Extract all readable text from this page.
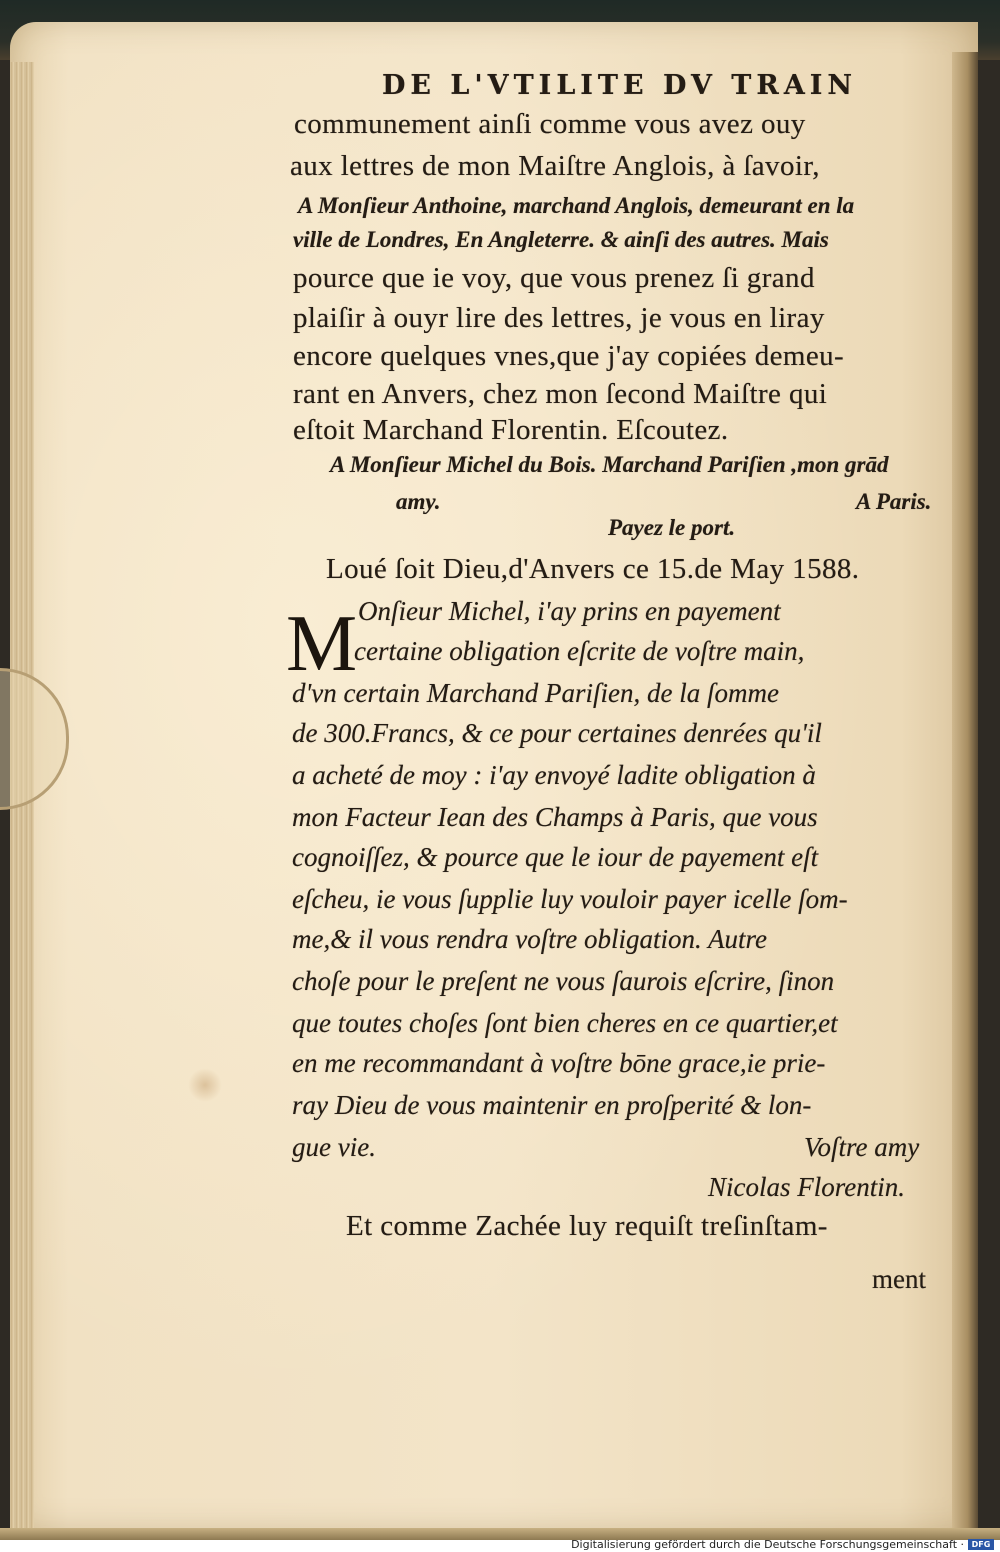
DE L'VTILITE DV TRAIN
communement ainſi comme vous avez ouy
aux lettres de mon Maiſtre Anglois, à ſavoir,
A Monſieur Anthoine, marchand Anglois, demeurant en la
ville de Londres, En Angleterre. & ainſi des autres. Mais
pource que ie voy, que vous prenez ſi grand
plaiſir à ouyr lire des lettres, je vous en liray
encore quelques vnes,que j'ay copiées demeu-
rant en Anvers, chez mon ſecond Maiſtre qui
eſtoit Marchand Florentin. Eſcoutez.
A Monſieur Michel du Bois. Marchand Pariſien ,mon grād
amy.	A Paris.
Payez le port.
Loué ſoit Dieu,d'Anvers ce 15.de May 1588.
M Onſieur Michel, i'ay prins en payement
certaine obligation eſcrite de voſtre main,
d'vn certain Marchand Pariſien, de la ſomme
de 300.Francs, & ce pour certaines denrées qu'il
a acheté de moy : i'ay envoyé ladite obligation à
mon Facteur Iean des Champs à Paris, que vous
cognoiſſez, & pource que le iour de payement eſt
eſcheu, ie vous ſupplie luy vouloir payer icelle ſom-
me,& il vous rendra voſtre obligation. Autre
choſe pour le preſent ne vous ſaurois eſcrire, ſinon
que toutes choſes ſont bien cheres en ce quartier,et
en me recommandant à voſtre bōne grace,ie prie-
ray Dieu de vous maintenir en proſperité & lon-
gue vie.	Voſtre amy
Nicolas Florentin.
Et comme Zachée luy requiſt treſinſtam-
ment
Digitalisierung gefördert durch die Deutsche Forschungsgemeinschaft · DFG
